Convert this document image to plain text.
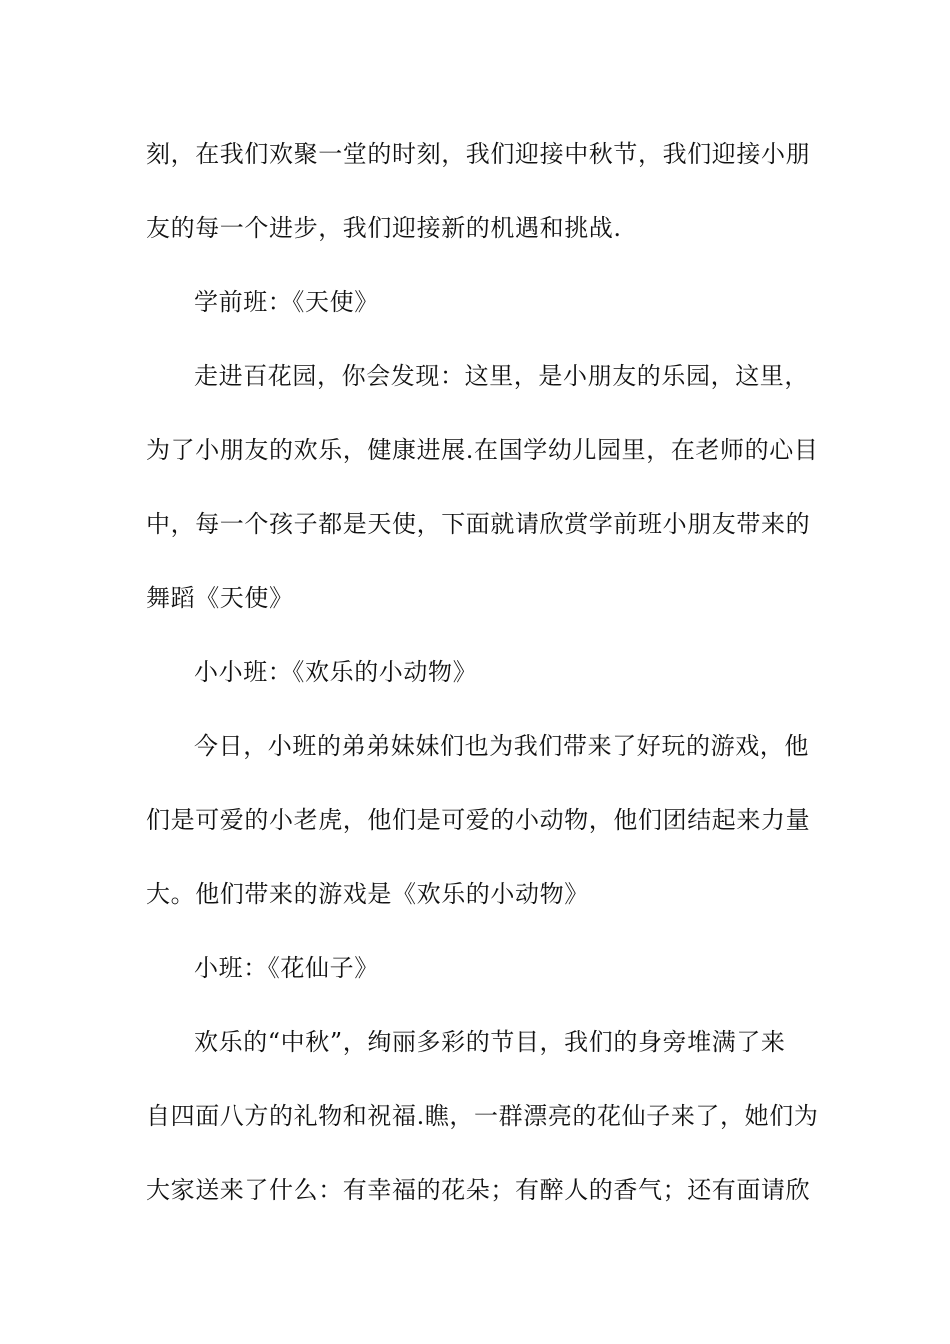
刻，在我们欢聚一堂的时刻，我们迎接中秋节，我们迎接小朋
友的每一个进步，我们迎接新的机遇和挑战.
学前班：《天使》
走进百花园，你会发现：这里，是小朋友的乐园，这里，
为了小朋友的欢乐，健康进展.在国学幼儿园里，在老师的心目
中，每一个孩子都是天使，下面就请欣赏学前班小朋友带来的
舞蹈《天使》
小小班：《欢乐的小动物》
今日，小班的弟弟妹妹们也为我们带来了好玩的游戏，他
们是可爱的小老虎，他们是可爱的小动物，他们团结起来力量
大。他们带来的游戏是《欢乐的小动物》
小班：《花仙子》
欢乐的“中秋”，绚丽多彩的节目，我们的身旁堆满了来
自四面八方的礼物和祝福.瞧，一群漂亮的花仙子来了，她们为
大家送来了什么：有幸福的花朵；有醉人的香气；还有面请欣
